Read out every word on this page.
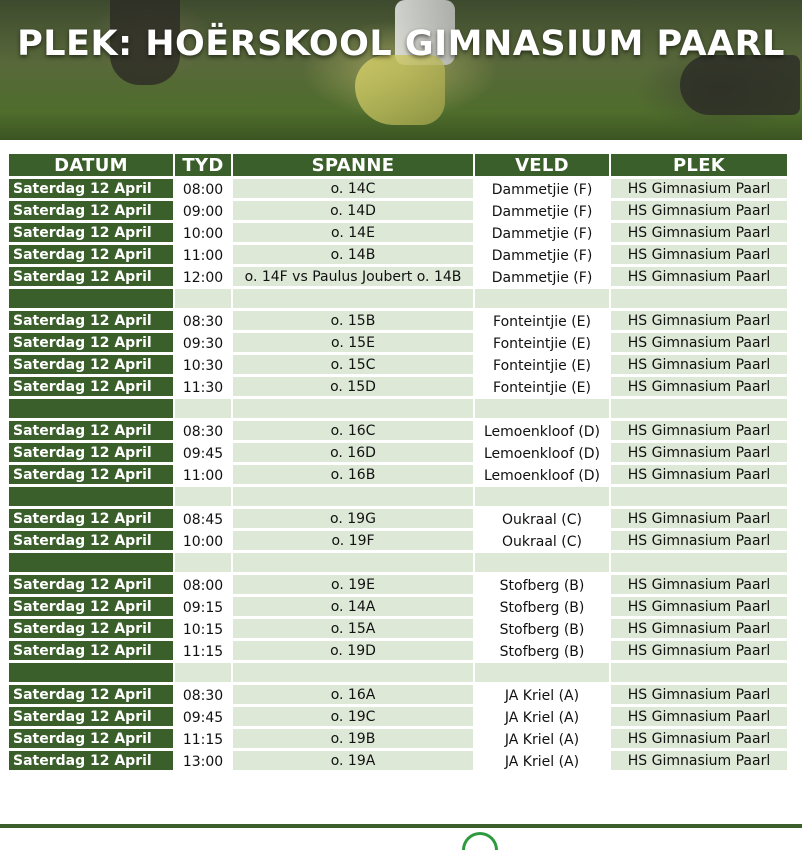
PLEK: HOËRSKOOL GIMNASIUM PAARL
DATUM	TYD	SPANNE	VELD	PLEK
Saterdag 12 April	08:00	o. 14C	Dammetjie (F)	HS Gimnasium Paarl
Saterdag 12 April	09:00	o. 14D	Dammetjie (F)	HS Gimnasium Paarl
Saterdag 12 April	10:00	o. 14E	Dammetjie (F)	HS Gimnasium Paarl
Saterdag 12 April	11:00	o. 14B	Dammetjie (F)	HS Gimnasium Paarl
Saterdag 12 April	12:00	o. 14F vs Paulus Joubert o. 14B	Dammetjie (F)	HS Gimnasium Paarl

Saterdag 12 April	08:30	o. 15B	Fonteintjie (E)	HS Gimnasium Paarl
Saterdag 12 April	09:30	o. 15E	Fonteintjie (E)	HS Gimnasium Paarl
Saterdag 12 April	10:30	o. 15C	Fonteintjie (E)	HS Gimnasium Paarl
Saterdag 12 April	11:30	o. 15D	Fonteintjie (E)	HS Gimnasium Paarl

Saterdag 12 April	08:30	o. 16C	Lemoenkloof (D)	HS Gimnasium Paarl
Saterdag 12 April	09:45	o. 16D	Lemoenkloof (D)	HS Gimnasium Paarl
Saterdag 12 April	11:00	o. 16B	Lemoenkloof (D)	HS Gimnasium Paarl

Saterdag 12 April	08:45	o. 19G	Oukraal (C)	HS Gimnasium Paarl
Saterdag 12 April	10:00	o. 19F	Oukraal (C)	HS Gimnasium Paarl

Saterdag 12 April	08:00	o. 19E	Stofberg (B)	HS Gimnasium Paarl
Saterdag 12 April	09:15	o. 14A	Stofberg (B)	HS Gimnasium Paarl
Saterdag 12 April	10:15	o. 15A	Stofberg (B)	HS Gimnasium Paarl
Saterdag 12 April	11:15	o. 19D	Stofberg (B)	HS Gimnasium Paarl

Saterdag 12 April	08:30	o. 16A	JA Kriel (A)	HS Gimnasium Paarl
Saterdag 12 April	09:45	o. 19C	JA Kriel (A)	HS Gimnasium Paarl
Saterdag 12 April	11:15	o. 19B	JA Kriel (A)	HS Gimnasium Paarl
Saterdag 12 April	13:00	o. 19A	JA Kriel (A)	HS Gimnasium Paarl
